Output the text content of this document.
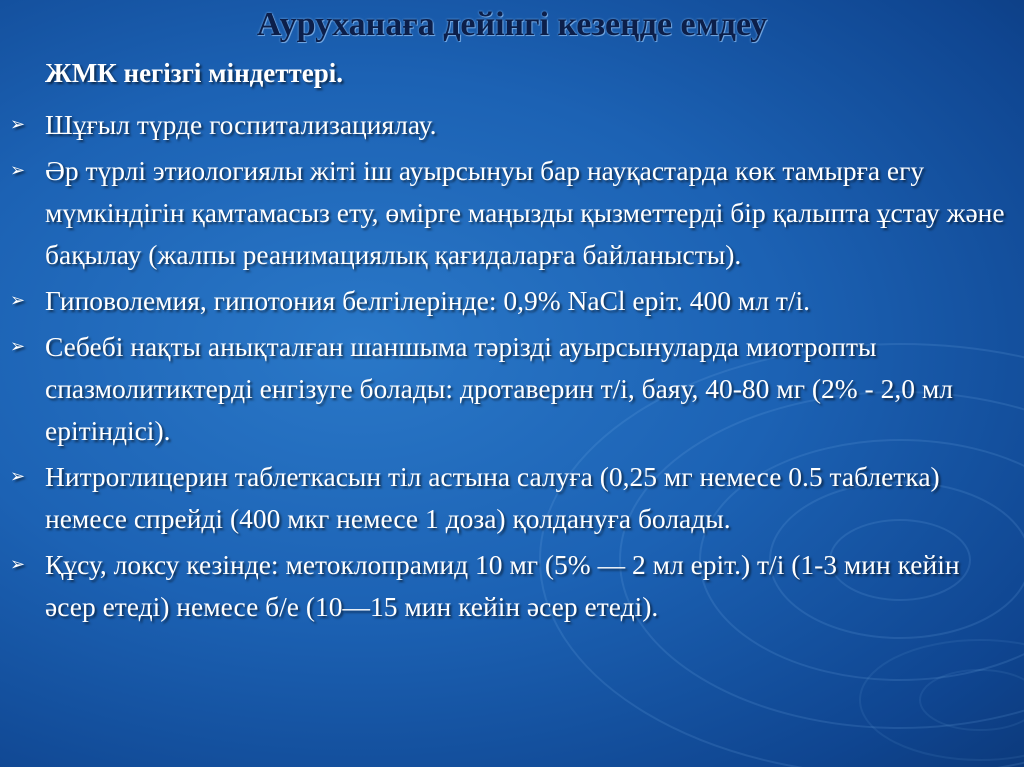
Ауруханаға дейінгі кезеңде емдеу
ЖМК негізгі міндеттері.
➢ Шұғыл түрде госпитализациялау.
➢ Әр түрлі этиологиялы жіті іш ауырсынуы бар науқастарда көк тамырға егу мүмкіндігін қамтамасыз ету, өмірге маңызды қызметтерді бір қалыпта ұстау және бақылау (жалпы реанимациялық қағидаларға байланысты).
➢ Гиповолемия, гипотония белгілерінде: 0,9% NaCl еріт. 400 мл т/і.
➢ Себебі нақты анықталған шаншыма тәрізді ауырсынуларда миотропты спазмолитиктерді енгізуге болады: дротаверин т/і, баяу, 40-80 мг (2% - 2,0 мл ерітіндісі).
➢ Нитроглицерин таблеткасын тіл астына салуға (0,25 мг немесе 0.5 таблетка) немесе спрейді (400 мкг немесе 1 доза) қолдануға болады.
➢ Құсу, локсу кезінде: метоклопрамид 10 мг (5% — 2 мл ерiт.) т/і (1-3 мин кейін әсер етеді) немесе б/е (10—15 мин кейін әсер етеді).
